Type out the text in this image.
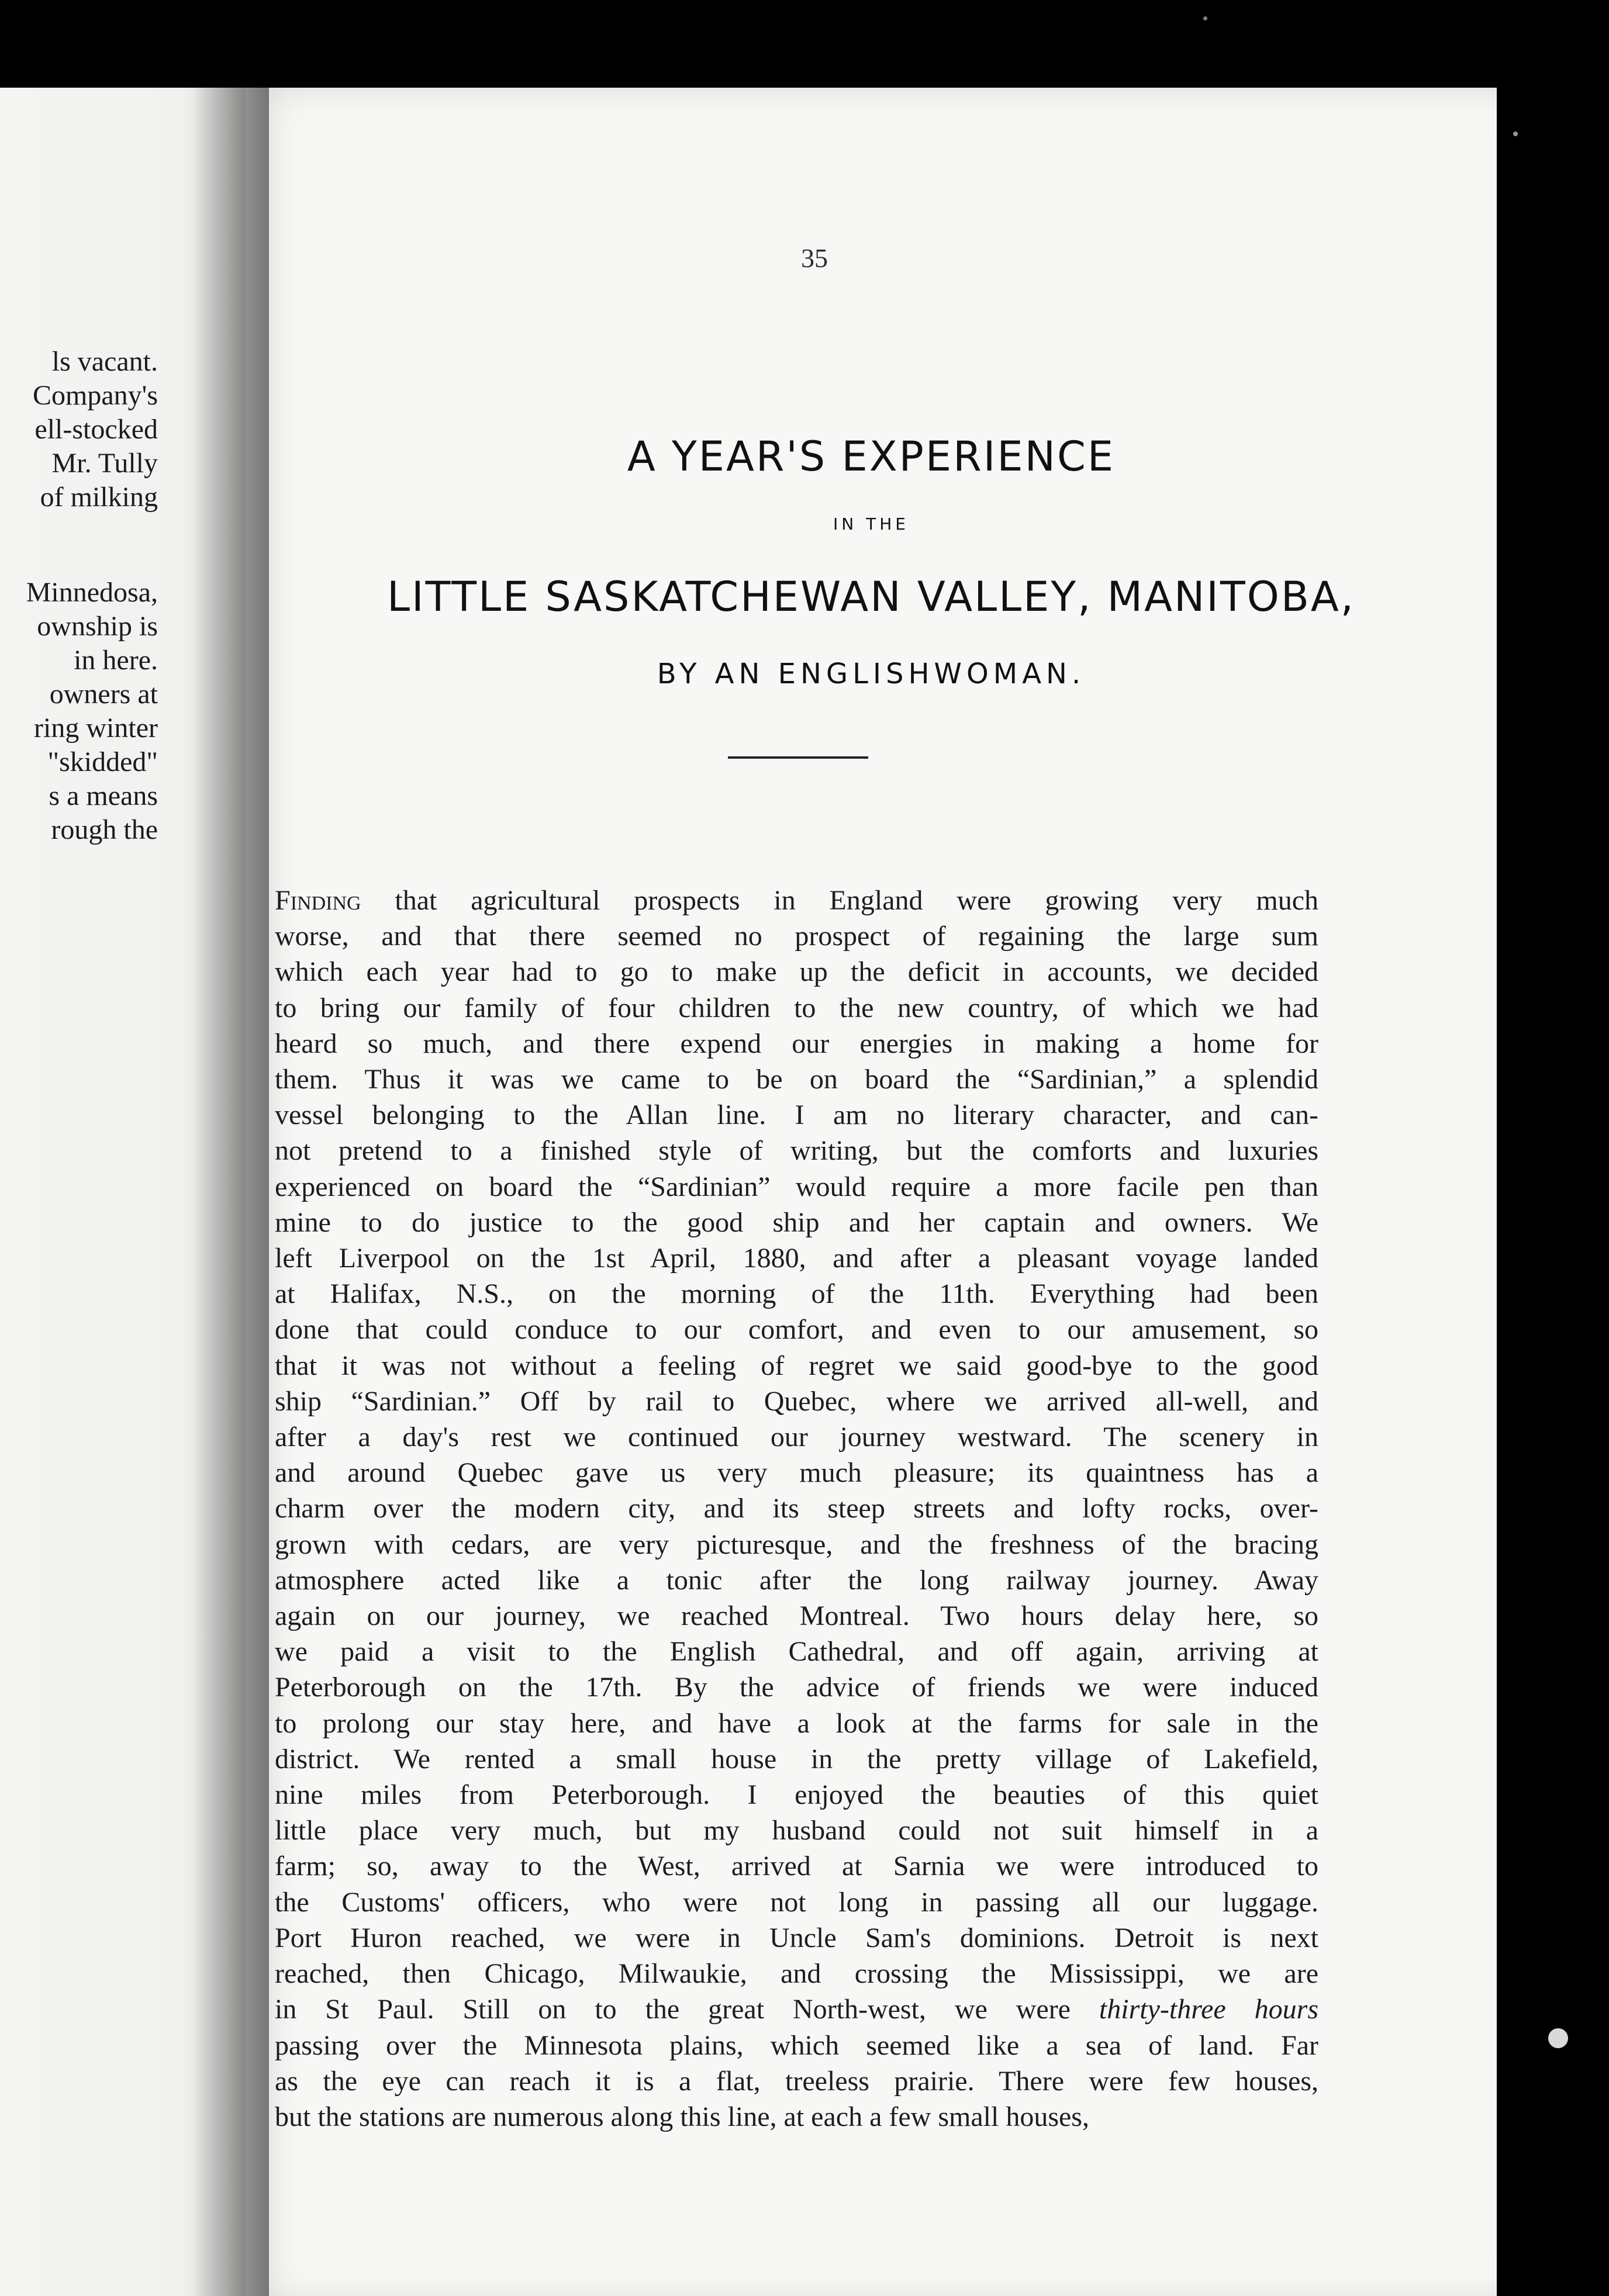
ls vacant.
Company's
ell-stocked
Mr. Tully
of milking
Minnedosa,
ownship is
in here.
owners at
ring winter
"skidded"
s a means
rough the
35
A YEAR'S EXPERIENCE
IN THE
LITTLE SASKATCHEWAN VALLEY, MANITOBA,
BY AN ENGLISHWOMAN.
Finding that agricultural prospects in England were growing very much
worse, and that there seemed no prospect of regaining the large sum
which each year had to go to make up the deficit in accounts, we decided
to bring our family of four children to the new country, of which we had
heard so much, and there expend our energies in making a home for
them. Thus it was we came to be on board the “Sardinian,” a splendid
vessel belonging to the Allan line. I am no literary character, and can-
not pretend to a finished style of writing, but the comforts and luxuries
experienced on board the “Sardinian” would require a more facile pen than
mine to do justice to the good ship and her captain and owners. We
left Liverpool on the 1st April, 1880, and after a pleasant voyage landed
at Halifax, N.S., on the morning of the 11th. Everything had been
done that could conduce to our comfort, and even to our amusement, so
that it was not without a feeling of regret we said good-bye to the good
ship “Sardinian.” Off by rail to Quebec, where we arrived all-well, and
after a day's rest we continued our journey westward. The scenery in
and around Quebec gave us very much pleasure; its quaintness has a
charm over the modern city, and its steep streets and lofty rocks, over-
grown with cedars, are very picturesque, and the freshness of the bracing
atmosphere acted like a tonic after the long railway journey. Away
again on our journey, we reached Montreal. Two hours delay here, so
we paid a visit to the English Cathedral, and off again, arriving at
Peterborough on the 17th. By the advice of friends we were induced
to prolong our stay here, and have a look at the farms for sale in the
district. We rented a small house in the pretty village of Lakefield,
nine miles from Peterborough. I enjoyed the beauties of this quiet
little place very much, but my husband could not suit himself in a
farm; so, away to the West, arrived at Sarnia we were introduced to
the Customs' officers, who were not long in passing all our luggage.
Port Huron reached, we were in Uncle Sam's dominions. Detroit is next
reached, then Chicago, Milwaukie, and crossing the Mississippi, we are
in St Paul. Still on to the great North-west, we were thirty-three hours
passing over the Minnesota plains, which seemed like a sea of land. Far
as the eye can reach it is a flat, treeless prairie. There were few houses,
but the stations are numerous along this line, at each a few small houses,
